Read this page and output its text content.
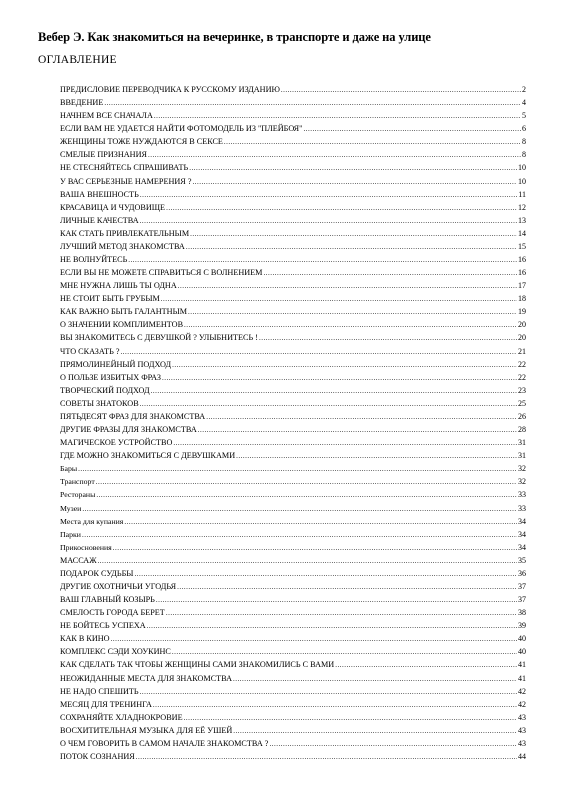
Вебер Э. Как знакомиться на вечеринке, в транспорте и даже на улице
ОГЛАВЛЕНИЕ
ПРЕДИСЛОВИЕ ПЕРЕВОДЧИКА К РУССКОМУ ИЗДАНИЮ .....	2
ВВЕДЕНИЕ .....	4
НАЧНЕМ ВСЕ СНАЧАЛА .....	5
ЕСЛИ ВАМ НЕ УДАЕТСЯ НАЙТИ ФОТОМОДЕЛЬ ИЗ "ПЛЕЙБОЯ" .....	6
ЖЕНЩИНЫ ТОЖЕ НУЖДАЮТСЯ В СЕКСЕ .....	8
СМЕЛЫЕ ПРИЗНАНИЯ .....	8
НЕ СТЕСНЯЙТЕСЬ СПРАШИВАТЬ .....	10
У ВАС СЕРЬЕЗНЫЕ НАМЕРЕНИЯ ? .....	10
ВАША ВНЕШНОСТЬ .....	11
КРАСАВИЦА И ЧУДОВИЩЕ .....	12
ЛИЧНЫЕ КАЧЕСТВА .....	13
КАК СТАТЬ ПРИВЛЕКАТЕЛЬНЫМ .....	14
ЛУЧШИЙ МЕТОД ЗНАКОМСТВА .....	15
НЕ ВОЛНУЙТЕСЬ .....	16
ЕСЛИ ВЫ НЕ МОЖЕТЕ СПРАВИТЬСЯ С ВОЛНЕНИЕМ .....	16
МНЕ НУЖНА ЛИШЬ ТЫ ОДНА .....	17
НЕ СТОИТ БЫТЬ ГРУБЫМ .....	18
КАК ВАЖНО БЫТЬ ГАЛАНТНЫМ .....	19
О ЗНАЧЕНИИ КОМПЛИМЕНТОВ .....	20
ВЫ ЗНАКОМИТЕСЬ С ДЕВУШКОЙ ? УЛЫБНИТЕСЬ ! .....	20
ЧТО СКАЗАТЬ ? .....	21
ПРЯМОЛИНЕЙНЫЙ ПОДХОД .....	22
О ПОЛЬЗЕ ИЗБИТЫХ ФРАЗ .....	22
ТВОРЧЕСКИЙ ПОДХОД .....	23
СОВЕТЫ ЗНАТОКОВ .....	25
ПЯТЬДЕСЯТ ФРАЗ ДЛЯ ЗНАКОМСТВА .....	26
ДРУГИЕ ФРАЗЫ ДЛЯ ЗНАКОМСТВА .....	28
МАГИЧЕСКОЕ УСТРОЙСТВО .....	31
ГДЕ МОЖНО ЗНАКОМИТЬСЯ С ДЕВУШКАМИ .....	31
Бары .....	32
Транспорт .....	32
Рестораны .....	33
Музеи .....	33
Места для купания .....	34
Парки .....	34
Прикосновения .....	34
МАССАЖ .....	35
ПОДАРОК СУДЬБЫ .....	36
ДРУГИЕ ОХОТНИЧЬИ УГОДЬЯ .....	37
ВАШ ГЛАВНЫЙ КОЗЫРЬ .....	37
СМЕЛОСТЬ ГОРОДА БЕРЕТ .....	38
НЕ БОЙТЕСЬ УСПЕХА .....	39
КАК В КИНО .....	40
КОМПЛЕКС СЭДИ ХОУКИНС .....	40
КАК СДЕЛАТЬ ТАК ЧТОБЫ ЖЕНЩИНЫ САМИ ЗНАКОМИЛИСЬ С ВАМИ .....	41
НЕОЖИДАННЫЕ МЕСТА ДЛЯ ЗНАКОМСТВА .....	41
НЕ НАДО СПЕШИТЬ .....	42
МЕСЯЦ ДЛЯ ТРЕНИНГА .....	42
СОХРАНЯЙТЕ ХЛАДНОКРОВИЕ .....	43
ВОСХИТИТЕЛЬНАЯ МУЗЫКА ДЛЯ ЕЁ УШЕЙ .....	43
О ЧЕМ ГОВОРИТЬ В САМОМ НАЧАЛЕ ЗНАКОМСТВА ? .....	43
ПОТОК СОЗНАНИЯ .....	44
